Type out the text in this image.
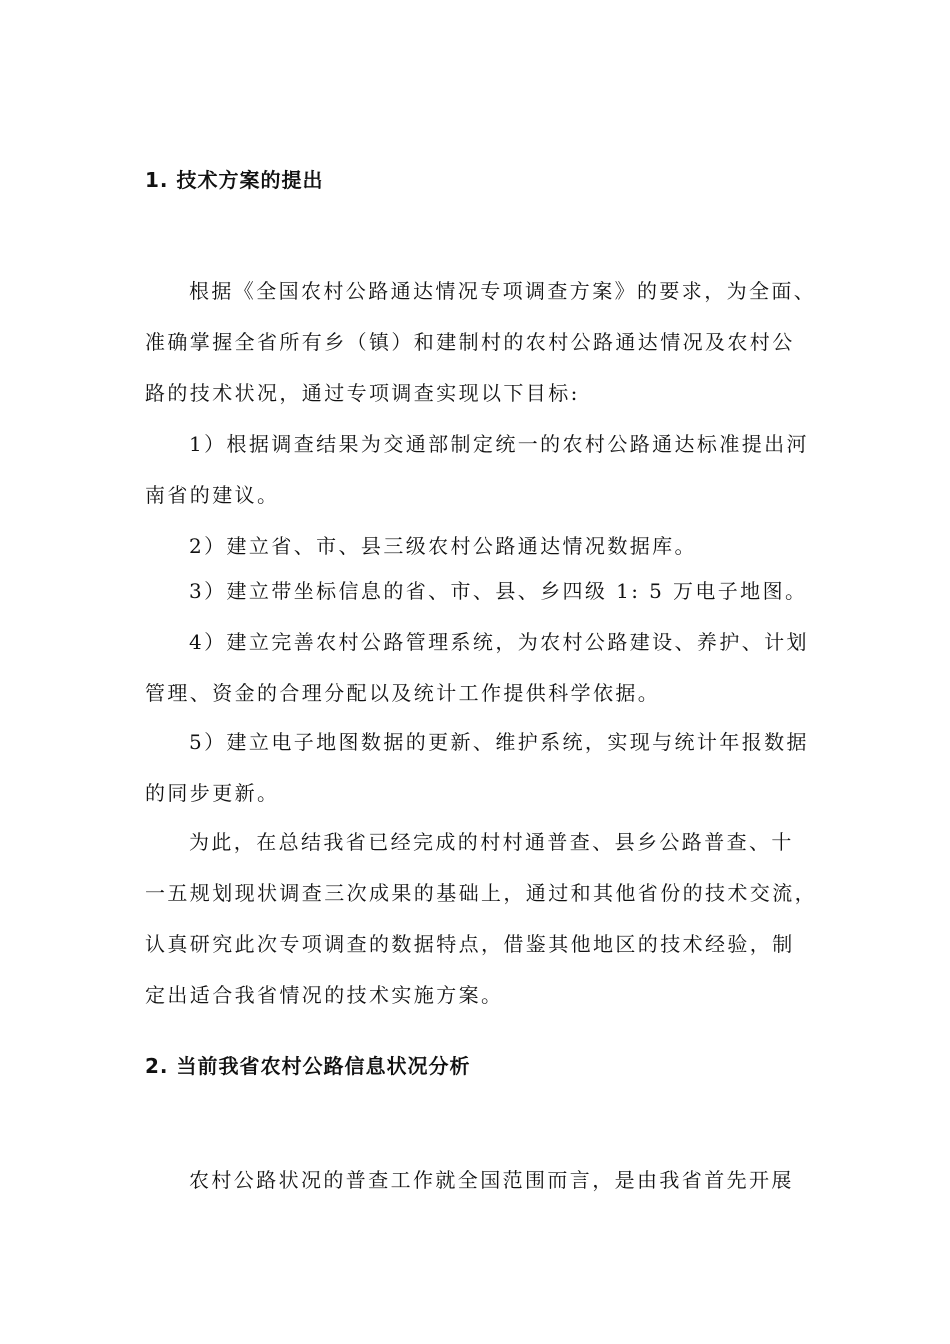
1. 技术方案的提出
根据《全国农村公路通达情况专项调查方案》的要求，为全面、
准确掌握全省所有乡（镇）和建制村的农村公路通达情况及农村公
路的技术状况，通过专项调查实现以下目标:
1）根据调查结果为交通部制定统一的农村公路通达标准提出河
南省的建议。
2）建立省、市、县三级农村公路通达情况数据库。
3）建立带坐标信息的省、市、县、乡四级 1: 5 万电子地图。
4）建立完善农村公路管理系统，为农村公路建设、养护、计划
管理、资金的合理分配以及统计工作提供科学依据。
5）建立电子地图数据的更新、维护系统，实现与统计年报数据
的同步更新。
为此，在总结我省已经完成的村村通普查、县乡公路普查、十
一五规划现状调查三次成果的基础上，通过和其他省份的技术交流，
认真研究此次专项调查的数据特点，借鉴其他地区的技术经验，制
定出适合我省情况的技术实施方案。
2. 当前我省农村公路信息状况分析
农村公路状况的普查工作就全国范围而言，是由我省首先开展
